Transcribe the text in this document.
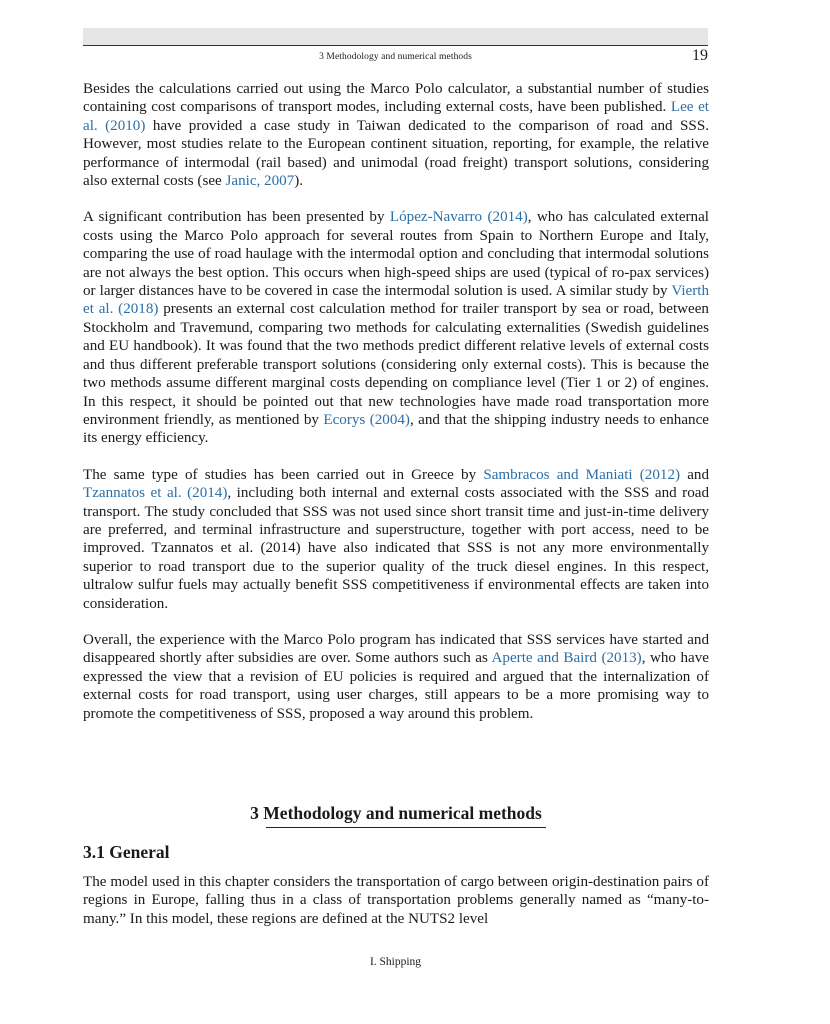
3 Methodology and numerical methods	19

Besides the calculations carried out using the Marco Polo calculator, a substantial number of studies containing cost comparisons of transport modes, including external costs, have been published. Lee et al. (2010) have provided a case study in Taiwan dedicated to the comparison of road and SSS. However, most studies relate to the European continent situation, reporting, for example, the relative performance of intermodal (rail based) and unimodal (road freight) transport solutions, considering also external costs (see Janic, 2007).

A significant contribution has been presented by López-Navarro (2014), who has calculated external costs using the Marco Polo approach for several routes from Spain to Northern Europe and Italy, comparing the use of road haulage with the intermodal option and concluding that intermodal solutions are not always the best option. This occurs when high-speed ships are used (typical of ro-pax services) or larger distances have to be covered in case the intermodal solution is used. A similar study by Vierth et al. (2018) presents an external cost calculation method for trailer transport by sea or road, between Stockholm and Travemund, comparing two methods for calculating externalities (Swedish guidelines and EU handbook). It was found that the two methods predict different relative levels of external costs and thus different preferable transport solutions (considering only external costs). This is because the two methods assume different marginal costs depending on compliance level (Tier 1 or 2) of engines. In this respect, it should be pointed out that new technologies have made road transportation more environment friendly, as mentioned by Ecorys (2004), and that the shipping industry needs to enhance its energy efficiency.

The same type of studies has been carried out in Greece by Sambracos and Maniati (2012) and Tzannatos et al. (2014), including both internal and external costs associated with the SSS and road transport. The study concluded that SSS was not used since short transit time and just-in-time delivery are preferred, and terminal infrastructure and superstructure, together with port access, need to be improved. Tzannatos et al. (2014) have also indicated that SSS is not any more environmentally superior to road transport due to the superior quality of the truck diesel engines. In this respect, ultralow sulfur fuels may actually benefit SSS competitiveness if environmental effects are taken into consideration.

Overall, the experience with the Marco Polo program has indicated that SSS services have started and disappeared shortly after subsidies are over. Some authors such as Aperte and Baird (2013), who have expressed the view that a revision of EU policies is required and argued that the internalization of external costs for road transport, using user charges, still appears to be a more promising way to promote the competitiveness of SSS, proposed a way around this problem.

3 Methodology and numerical methods
3.1 General

The model used in this chapter considers the transportation of cargo between origin-destination pairs of regions in Europe, falling thus in a class of transportation problems generally named as “many-to-many.” In this model, these regions are defined at the NUTS2 level

I. Shipping
